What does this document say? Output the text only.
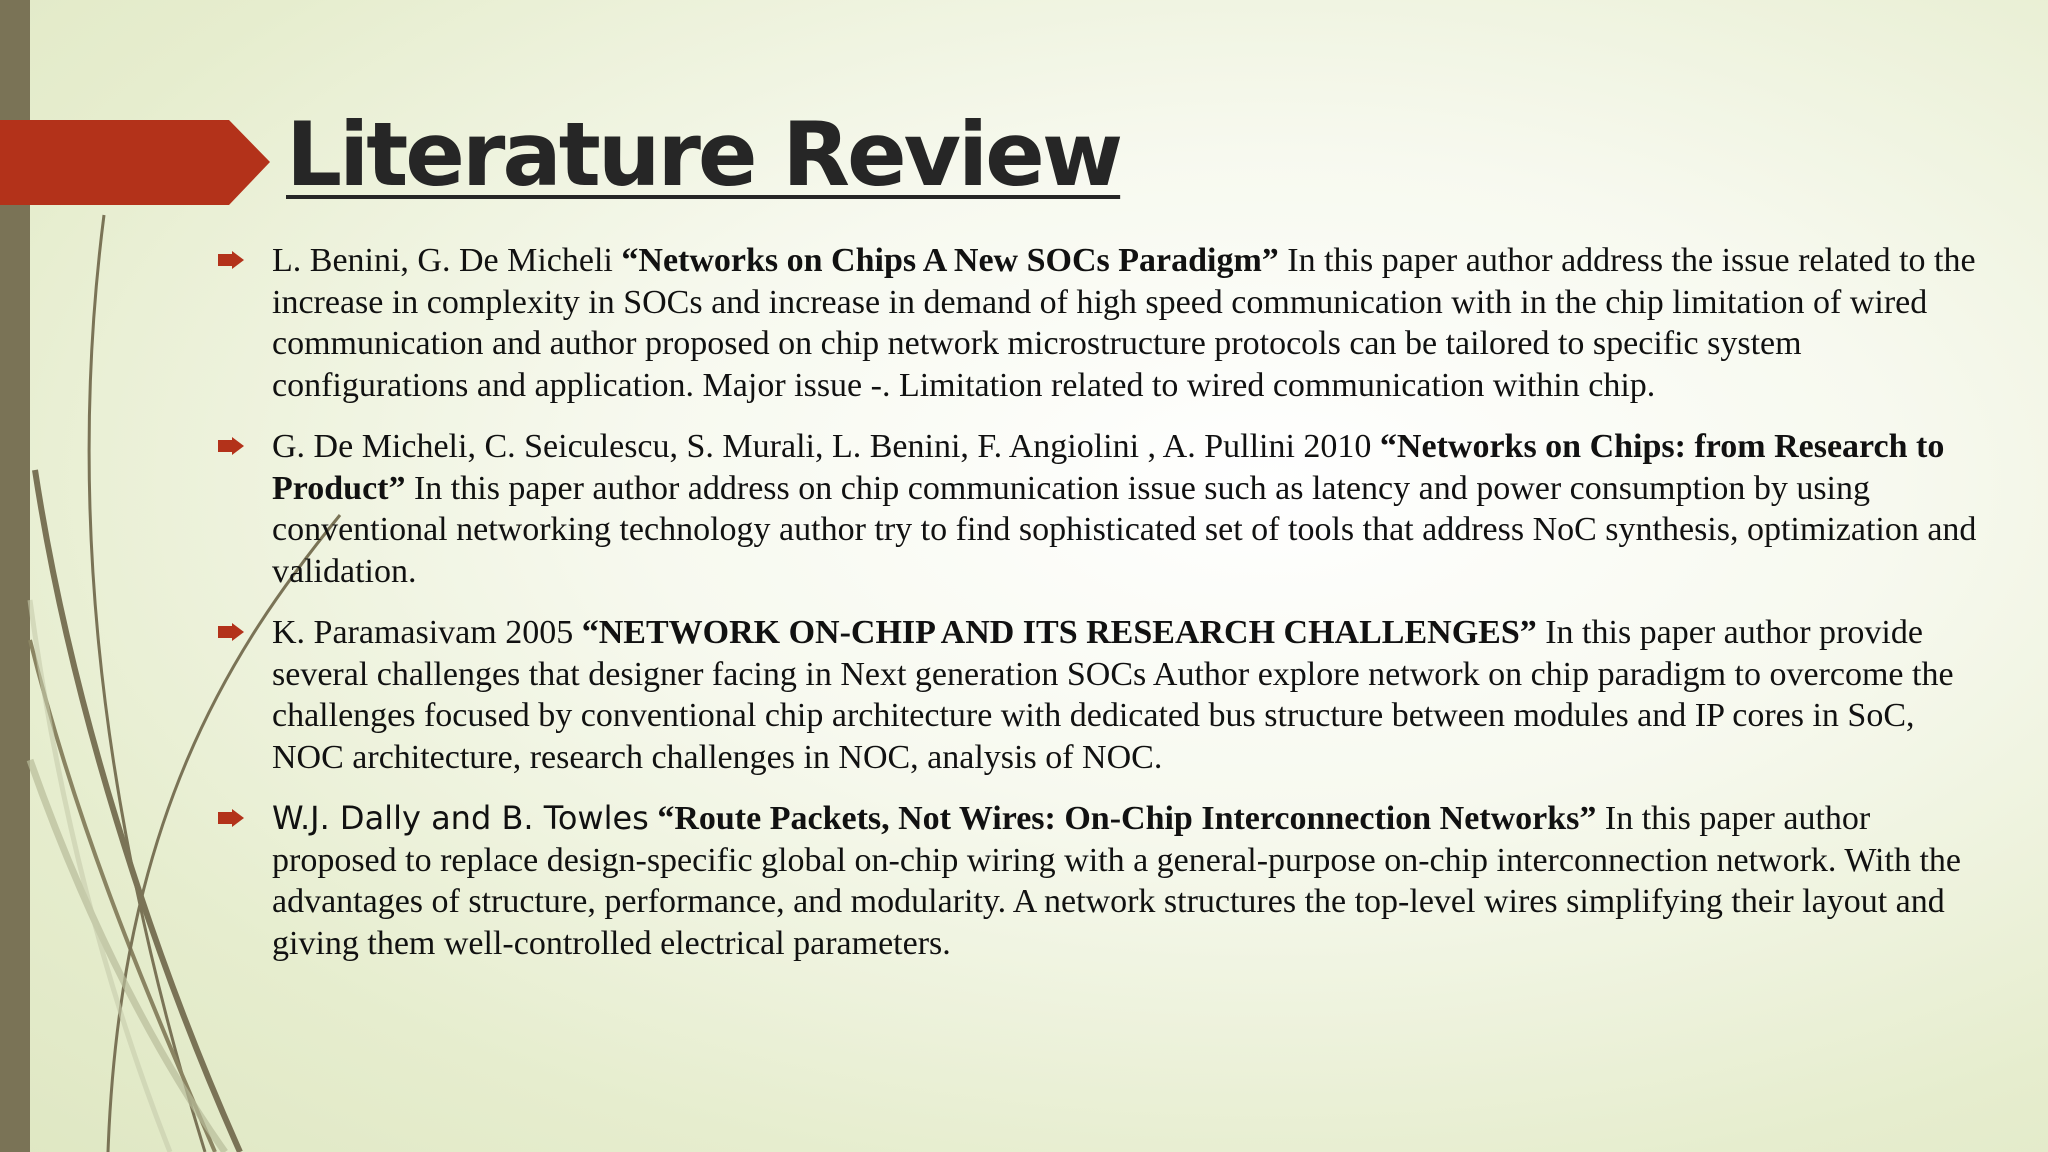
Literature Review
L. Benini, G. De Micheli “Networks on Chips A New SOCs Paradigm” In this paper author address the issue related to the increase in complexity in SOCs and increase in demand of high speed communication with in the chip limitation of wired communication and author proposed on chip network microstructure protocols can be tailored to specific system configurations and application. Major issue -. Limitation related to wired communication within chip.
G. De Micheli, C. Seiculescu, S. Murali, L. Benini, F. Angiolini , A. Pullini 2010 “Networks on Chips: from Research to Product” In this paper author address on chip communication issue such as latency and power consumption by using conventional networking technology author try to find sophisticated set of tools that address NoC synthesis, optimization and validation.
K. Paramasivam 2005 “NETWORK ON-CHIP AND ITS RESEARCH CHALLENGES” In this paper author provide several challenges that designer facing in Next generation SOCs Author explore network on chip paradigm to overcome the challenges focused by conventional chip architecture with dedicated bus structure between modules and IP cores in SoC, NOC architecture, research challenges in NOC, analysis of NOC.
W.J. Dally and B. Towles “Route Packets, Not Wires: On-Chip Interconnection Networks” In this paper author proposed to replace design-specific global on-chip wiring with a general-purpose on-chip interconnection network. With the advantages of structure, performance, and modularity. A network structures the top-level wires simplifying their layout and giving them well-controlled electrical parameters.
